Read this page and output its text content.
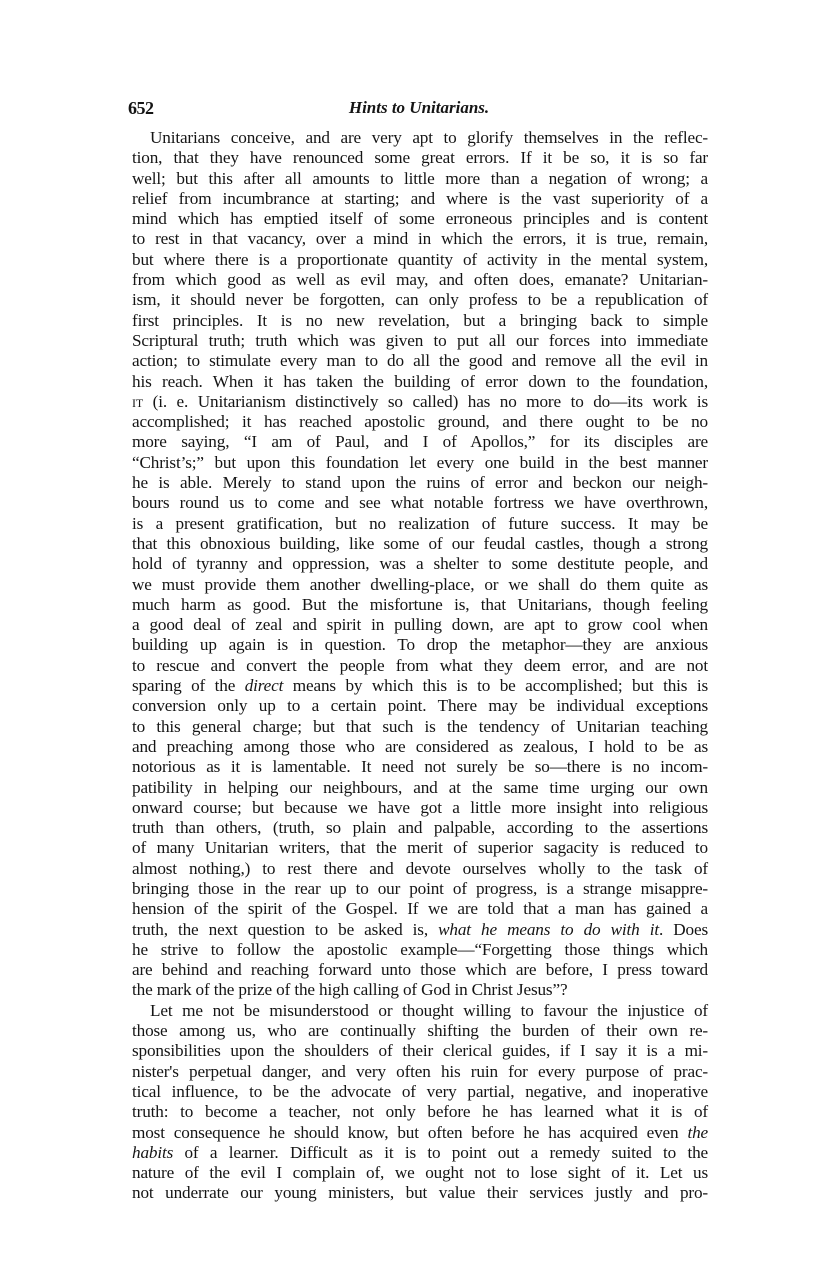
652	Hints to Unitarians.
Unitarians conceive, and are very apt to glorify themselves in the reflec-
tion, that they have renounced some great errors. If it be so, it is so far
well; but this after all amounts to little more than a negation of wrong; a
relief from incumbrance at starting; and where is the vast superiority of a
mind which has emptied itself of some erroneous principles and is content
to rest in that vacancy, over a mind in which the errors, it is true, remain,
but where there is a proportionate quantity of activity in the mental system,
from which good as well as evil may, and often does, emanate? Unitarian-
ism, it should never be forgotten, can only profess to be a republication of
first principles. It is no new revelation, but a bringing back to simple
Scriptural truth; truth which was given to put all our forces into immediate
action; to stimulate every man to do all the good and remove all the evil in
his reach. When it has taken the building of error down to the foundation,
it (i. e. Unitarianism distinctively so called) has no more to do—its work is
accomplished; it has reached apostolic ground, and there ought to be no
more saying, “I am of Paul, and I of Apollos,” for its disciples are
“Christ’s;” but upon this foundation let every one build in the best manner
he is able. Merely to stand upon the ruins of error and beckon our neigh-
bours round us to come and see what notable fortress we have overthrown,
is a present gratification, but no realization of future success. It may be
that this obnoxious building, like some of our feudal castles, though a strong
hold of tyranny and oppression, was a shelter to some destitute people, and
we must provide them another dwelling-place, or we shall do them quite as
much harm as good. But the misfortune is, that Unitarians, though feeling
a good deal of zeal and spirit in pulling down, are apt to grow cool when
building up again is in question. To drop the metaphor—they are anxious
to rescue and convert the people from what they deem error, and are not
sparing of the direct means by which this is to be accomplished; but this is
conversion only up to a certain point. There may be individual exceptions
to this general charge; but that such is the tendency of Unitarian teaching
and preaching among those who are considered as zealous, I hold to be as
notorious as it is lamentable. It need not surely be so—there is no incom-
patibility in helping our neighbours, and at the same time urging our own
onward course; but because we have got a little more insight into religious
truth than others, (truth, so plain and palpable, according to the assertions
of many Unitarian writers, that the merit of superior sagacity is reduced to
almost nothing,) to rest there and devote ourselves wholly to the task of
bringing those in the rear up to our point of progress, is a strange misappre-
hension of the spirit of the Gospel. If we are told that a man has gained a
truth, the next question to be asked is, what he means to do with it. Does
he strive to follow the apostolic example—“Forgetting those things which
are behind and reaching forward unto those which are before, I press toward
the mark of the prize of the high calling of God in Christ Jesus”?
Let me not be misunderstood or thought willing to favour the injustice of
those among us, who are continually shifting the burden of their own re-
sponsibilities upon the shoulders of their clerical guides, if I say it is a mi-
nister's perpetual danger, and very often his ruin for every purpose of prac-
tical influence, to be the advocate of very partial, negative, and inoperative
truth: to become a teacher, not only before he has learned what it is of
most consequence he should know, but often before he has acquired even the
habits of a learner. Difficult as it is to point out a remedy suited to the
nature of the evil I complain of, we ought not to lose sight of it. Let us
not underrate our young ministers, but value their services justly and pro-
